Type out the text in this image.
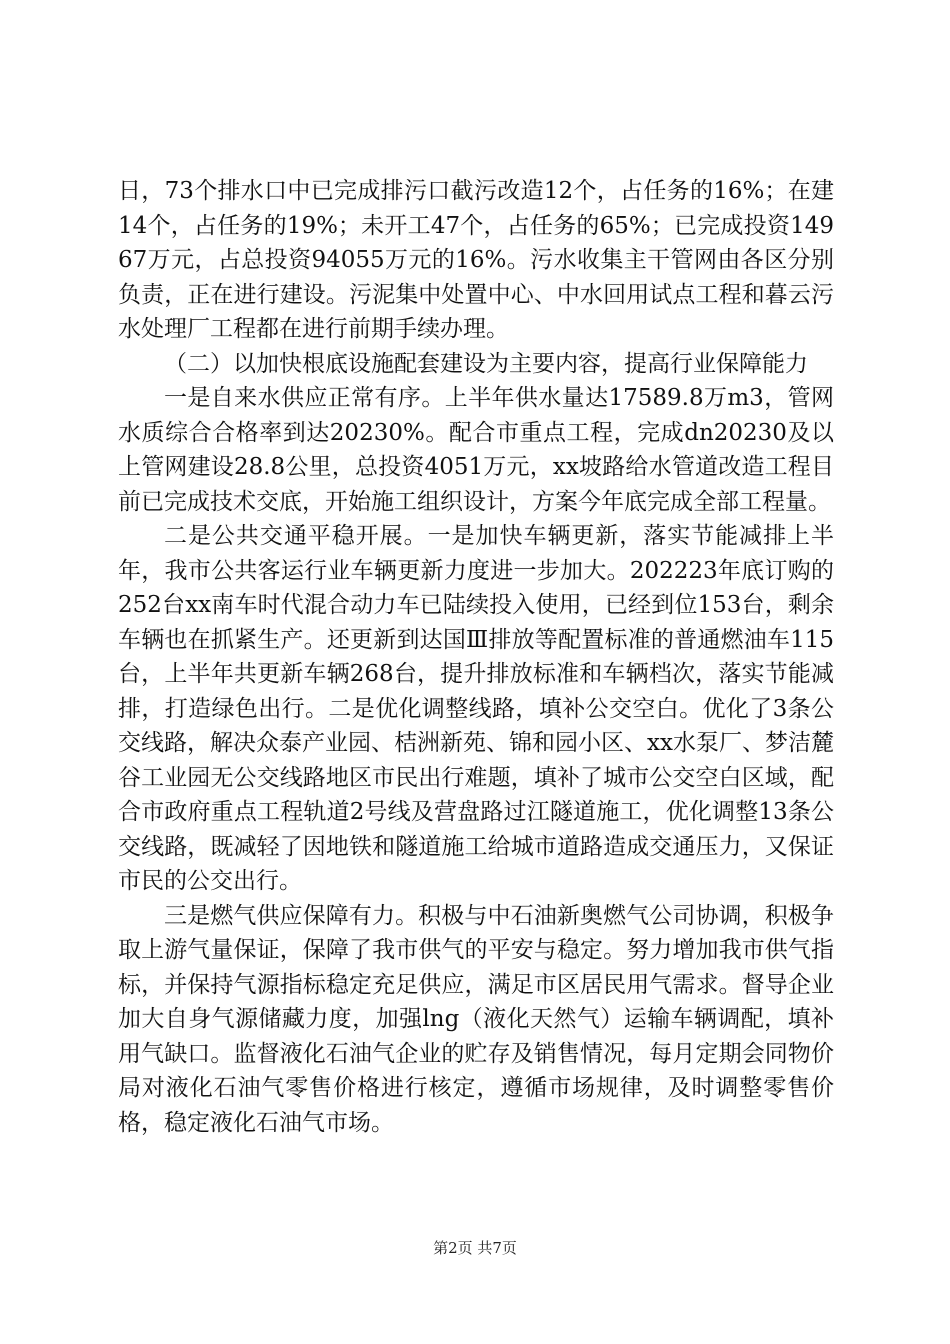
日，73个排水口中已完成排污口截污改造12个，占任务的16%；在建14个，占任务的19%；未开工47个，占任务的65%；已完成投资14967万元，占总投资94055万元的16%。污水收集主干管网由各区分别负责，正在进行建设。污泥集中处置中心、中水回用试点工程和暮云污水处理厂工程都在进行前期手续办理。

（二）以加快根底设施配套建设为主要内容，提高行业保障能力

一是自来水供应正常有序。上半年供水量达17589.8万m3，管网水质综合合格率到达20230%。配合市重点工程，完成dn20230及以上管网建设28.8公里，总投资4051万元，xx坡路给水管道改造工程目前已完成技术交底，开始施工组织设计，方案今年底完成全部工程量。

二是公共交通平稳开展。一是加快车辆更新，落实节能减排上半年，我市公共客运行业车辆更新力度进一步加大。202223年底订购的252台xx南车时代混合动力车已陆续投入使用，已经到位153台，剩余车辆也在抓紧生产。还更新到达国Ⅲ排放等配置标准的普通燃油车115台，上半年共更新车辆268台，提升排放标准和车辆档次，落实节能减排，打造绿色出行。二是优化调整线路，填补公交空白。优化了3条公交线路，解决众泰产业园、桔洲新苑、锦和园小区、xx水泵厂、梦洁麓谷工业园无公交线路地区市民出行难题，填补了城市公交空白区域，配合市政府重点工程轨道2号线及营盘路过江隧道施工，优化调整13条公交线路，既减轻了因地铁和隧道施工给城市道路造成交通压力，又保证市民的公交出行。

三是燃气供应保障有力。积极与中石油新奥燃气公司协调，积极争取上游气量保证，保障了我市供气的平安与稳定。努力增加我市供气指标，并保持气源指标稳定充足供应，满足市区居民用气需求。督导企业加大自身气源储藏力度，加强lng（液化天然气）运输车辆调配，填补用气缺口。监督液化石油气企业的贮存及销售情况，每月定期会同物价局对液化石油气零售价格进行核定，遵循市场规律，及时调整零售价格，稳定液化石油气市场。

第2页 共7页
